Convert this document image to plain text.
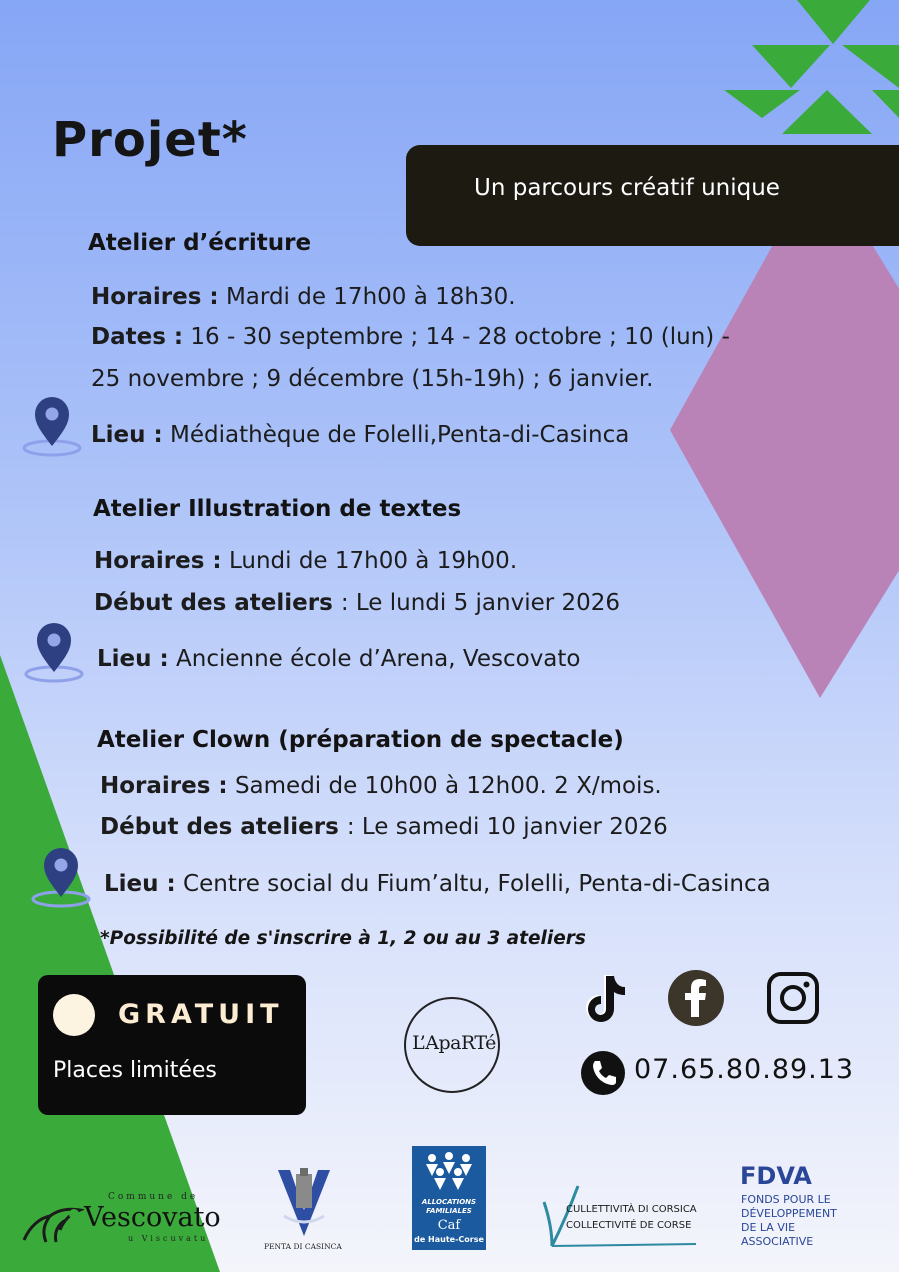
Projet*
Un parcours créatif unique
Atelier d’écriture
Horaires : Mardi de 17h00 à 18h30.
Dates : 16 - 30 septembre ; 14 - 28 octobre ; 10 (lun) -
25 novembre ; 9 décembre (15h-19h) ; 6 janvier.
Lieu : Médiathèque de Folelli,Penta-di-Casinca
Atelier Illustration de textes
Horaires : Lundi de 17h00 à 19h00.
Début des ateliers : Le lundi 5 janvier 2026
Lieu : Ancienne école d’Arena, Vescovato
Atelier Clown (préparation de spectacle)
Horaires : Samedi de 10h00 à 12h00. 2 X/mois.
Début des ateliers : Le samedi 10 janvier 2026
Lieu : Centre social du Fium’altu, Folelli, Penta-di-Casinca
*Possibilité de s'inscrire à 1, 2 ou au 3 ateliers
GRATUIT
Places limitées
L’ApaRTé
07.65.80.89.13
Commune de
Vescovato
u Viscuvatu
PENTA DI CASINCA
ALLOCATIONS
FAMILIALES
Caf
de Haute-Corse
CULLETTIVITÀ DI CORSICA
COLLECTIVITÉ DE CORSE
FDVA
FONDS POUR LE
DÉVELOPPEMENT
DE LA VIE
ASSOCIATIVE
